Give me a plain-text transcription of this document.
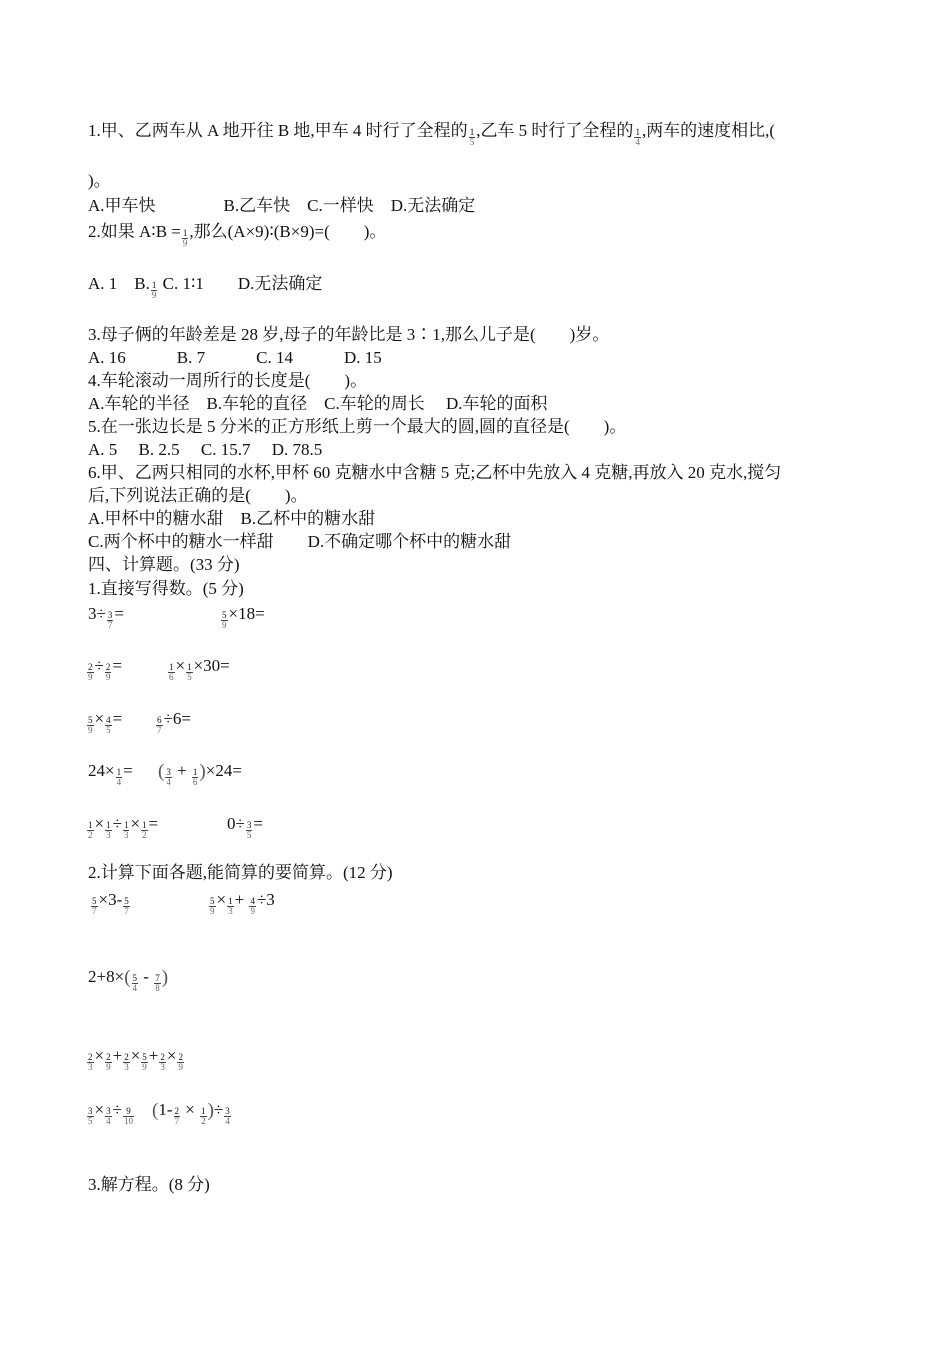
1.甲、乙两车从 A 地开往 B 地,甲车 4 时行了全程的 $\frac{1}{5}$ ,乙车 5 时行了全程的 $\frac{1}{4}$ ,两车的速度相比,(
)。
A.甲车快　　　　B.乙车快　C.一样快　D.无法确定
2.如果 A∶B = $\frac{1}{9}$ ,那么(A×9)∶(B×9)=(　　)。
A. 1　B. $\frac{1}{9} C$. 1∶1　　D.无法确定
3.母子俩的年龄差是 28 岁,母子的年龄比是 3∶1,那么儿子是(　　)岁。
A. 16　　　B. 7　　　C. 14　　　D. 15
4.车轮滚动一周所行的长度是(　　)。
A.车轮的半径　B.车轮的直径　C.车轮的周长　 D.车轮的面积
5.在一张边长是 5 分米的正方形纸上剪一个最大的圆,圆的直径是(　　)。
A. 5　 B. 2.5　 C. 15.7　 D. 78.5
6.甲、乙两只相同的水杯,甲杯 60 克糖水中含糖 5 克;乙杯中先放入 4 克糖,再放入 20 克水,搅匀
后,下列说法正确的是(　　)。
A.甲杯中的糖水甜　B.乙杯中的糖水甜
C.两个杯中的糖水一样甜　　D.不确定哪个杯中的糖水甜
四、计算题。(33 分)
1.直接写得数。(5 分)
$3\div \frac{3}{7}$ =	$\frac{5}{9} \times 18=$
$\frac{2}{9} \div \frac{2}{9}$ =	$\frac{1}{6} \times \frac{1}{5} \times 30=$
$\frac{5}{9} \times \frac{4}{5}$ =	$\frac{6}{7} \div 6=$
$24\times \frac{1}{4}$ = ( $\frac{3}{4} + \frac{1}{6} )\times 24=$
$\frac{1}{2} \times \frac{1}{3} \div \frac{1}{3} \times \frac{1}{2}$ =	$0\div \frac{3}{5}$ =
2.计算下面各题,能简算的要简算。(12 分)
$\frac{5}{7} \times 3- \frac{5}{7}$	$\frac{5}{9} \times \frac{1}{3} + \frac{4}{9} \div 3$
$2+8\times( \frac{5}{4} - \frac{7}{8}$ )
$\frac{2}{3} \times \frac{2}{9} + \frac{2}{3} \times \frac{5}{9} + \frac{2}{3} \times \frac{2}{9}$
$\frac{3}{5} \times \frac{3}{4} \div \frac{9}{10} (1- \frac{2}{7} \times \frac{1}{2}$ )÷ $\frac{3}{4}$
3.解方程。(8 分)
